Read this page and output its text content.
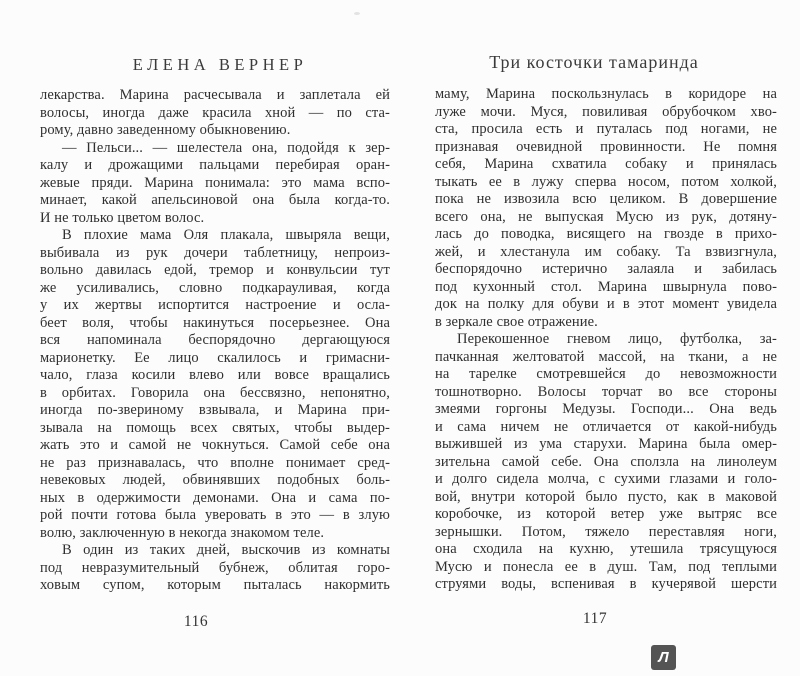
ЕЛЕНА ВЕРНЕР
лекарства. Марина расчесывала и заплетала ей
волосы, иногда даже красила хной — по ста-
рому, давно заведенному обыкновению.
— Пельси... — шелестела она, подойдя к зер-
калу и дрожащими пальцами перебирая оран-
жевые пряди. Марина понимала: это мама вспо-
минает, какой апельсиновой она была когда-то.
И не только цветом волос.
В плохие мама Оля плакала, швыряла вещи,
выбивала из рук дочери таблетницу, непроиз-
вольно давилась едой, тремор и конвульсии тут
же усиливались, словно подкарауливая, когда
у их жертвы испортится настроение и осла-
беет воля, чтобы накинуться посерьезнее. Она
вся напоминала беспорядочно дергающуюся
марионетку. Ее лицо скалилось и гримасни-
чало, глаза косили влево или вовсе вращались
в орбитах. Говорила она бессвязно, непонятно,
иногда по-звериному взвывала, и Марина при-
зывала на помощь всех святых, чтобы выдер-
жать это и самой не чокнуться. Самой себе она
не раз признавалась, что вполне понимает сред-
невековых людей, обвинявших подобных боль-
ных в одержимости демонами. Она и сама по-
рой почти готова была уверовать в это — в злую
волю, заключенную в некогда знакомом теле.
В один из таких дней, выскочив из комнаты
под невразумительный бубнеж, облитая горо-
ховым супом, которым пыталась накормить
Три косточки тамаринда
маму, Марина поскользнулась в коридоре на
луже мочи. Муся, повиливая обрубочком хво-
ста, просила есть и путалась под ногами, не
признавая очевидной провинности. Не помня
себя, Марина схватила собаку и принялась
тыкать ее в лужу сперва носом, потом холкой,
пока не извозила всю целиком. В довершение
всего она, не выпуская Мусю из рук, дотяну-
лась до поводка, висящего на гвозде в прихо-
жей, и хлестанула им собаку. Та взвизгнула,
беспорядочно истерично залаяла и забилась
под кухонный стол. Марина швырнула пово-
док на полку для обуви и в этот момент увидела
в зеркале свое отражение.
Перекошенное гневом лицо, футболка, за-
пачканная желтоватой массой, на ткани, а не
на тарелке смотревшейся до невозможности
тошнотворно. Волосы торчат во все стороны
змеями горгоны Медузы. Господи... Она ведь
и сама ничем не отличается от какой-нибудь
выжившей из ума старухи. Марина была омер-
зительна самой себе. Она сползла на линолеум
и долго сидела молча, с сухими глазами и голо-
вой, внутри которой было пусто, как в маковой
коробочке, из которой ветер уже вытряс все
зернышки. Потом, тяжело переставляя ноги,
она сходила на кухню, утешила трясущуюся
Мусю и понесла ее в душ. Там, под теплыми
струями воды, вспенивая в кучерявой шерсти
116	117
Л
